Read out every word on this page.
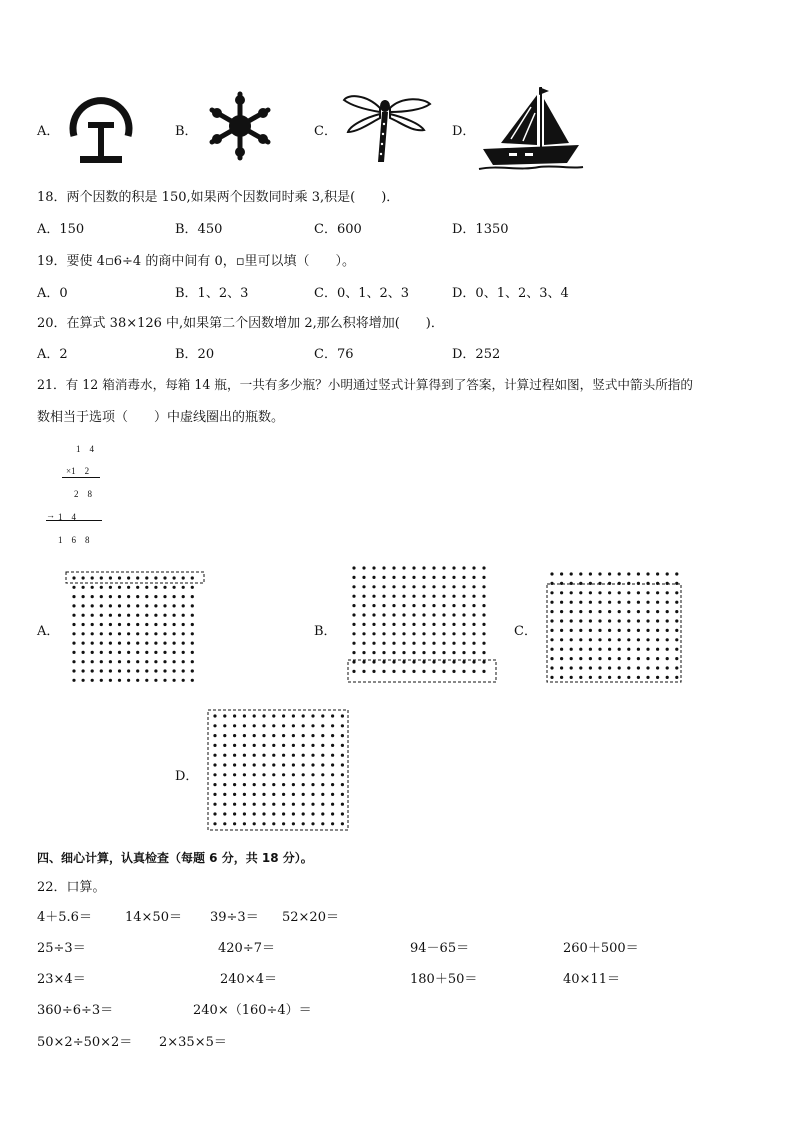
A．	B．	C．	D．
18．两个因数的积是 150,如果两个因数同时乘 3,积是(　　)．
A．150	B．450	C．600	D．1350
19．要使 4▫6÷4 的商中间有 0，▫里可以填（　　）。
A．0	B．1、2、3	C．0、1、2、3	D．0、1、2、3、4
20．在算式 38×126 中,如果第二个因数增加 2,那么积将增加(　　)．
A．2	B．20	C．76	D．252
21．有 12 箱消毒水，每箱 14 瓶，一共有多少瓶？小明通过竖式计算得到了答案，计算过程如图，竖式中箭头所指的
数相当于选项（　　）中虚线圈出的瓶数。
1　4
×1　2
2　8
→ 1　4
1　6　8
A．	B．	C．
D．
四、细心计算，认真检查（每题 6 分，共 18 分）。
22．口算。
4＋5.6＝	14×50＝ 39÷3＝ 52×20＝
25÷3＝	420÷7＝	94－65＝	260＋500＝
23×4＝	240×4＝	180＋50＝	40×11＝
360÷6÷3＝	240×（160÷4）＝
50×2÷50×2＝ 2×35×5＝
